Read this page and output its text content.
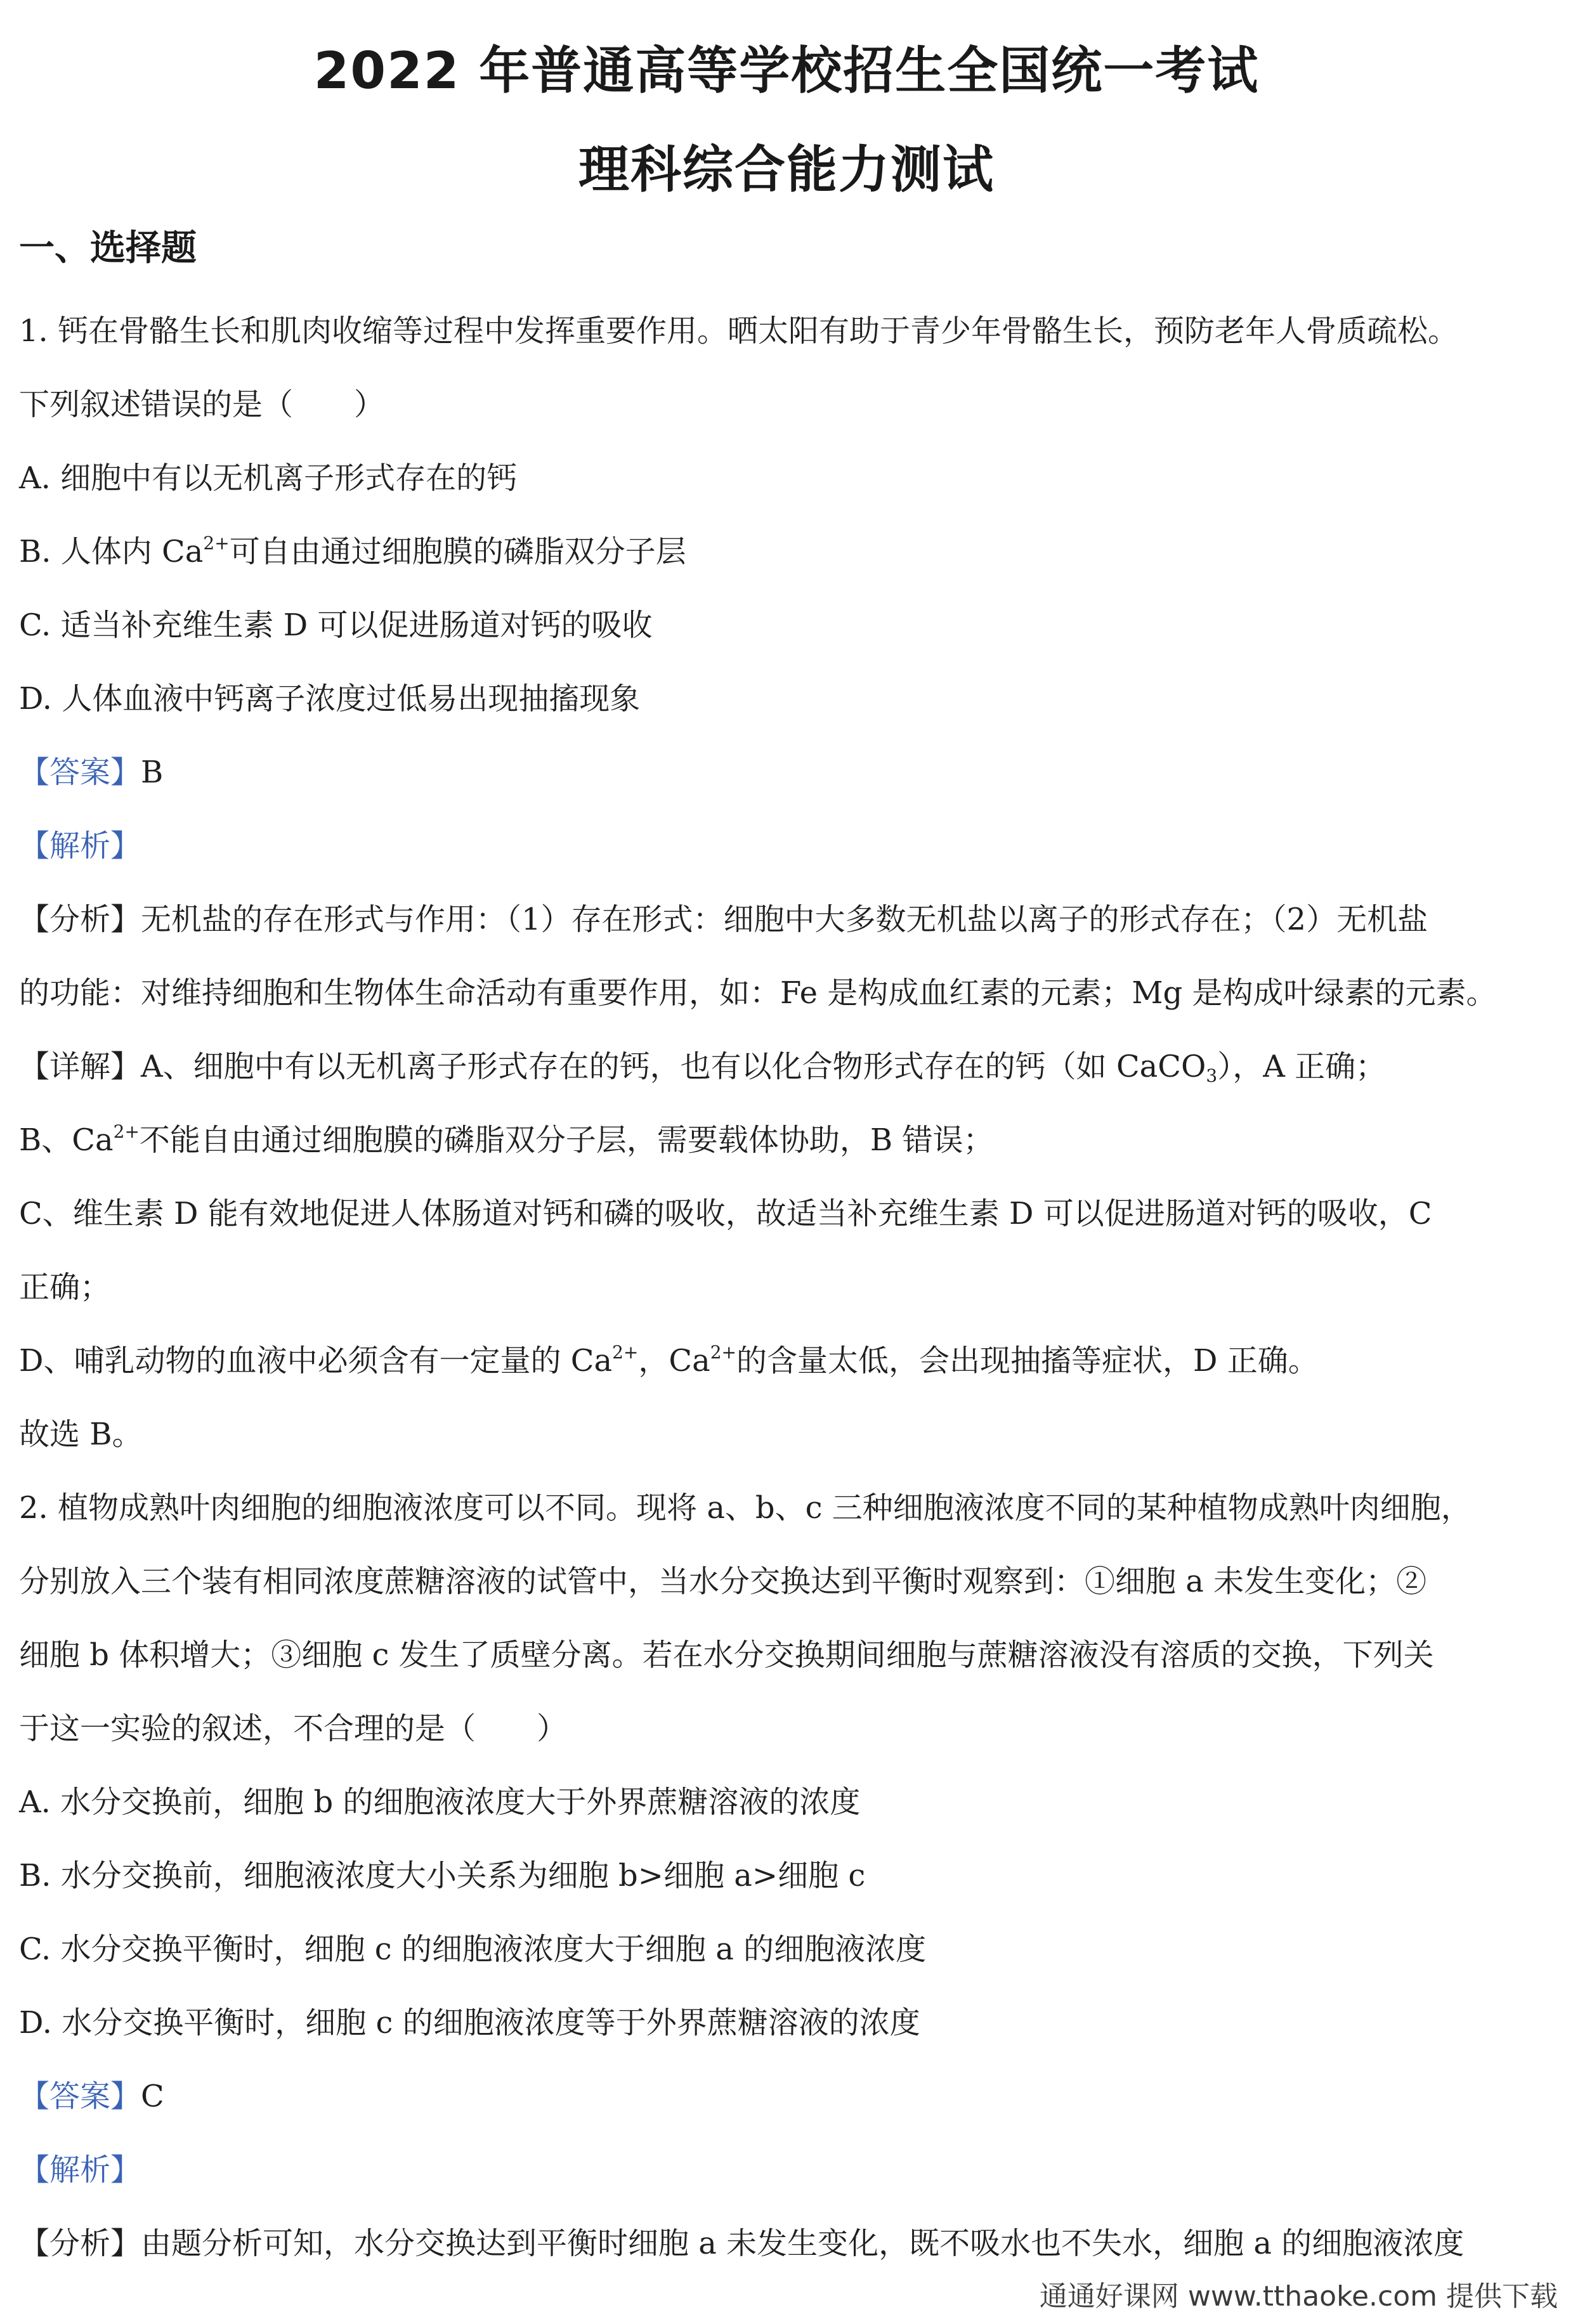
2022 年普通高等学校招生全国统一考试
理科综合能力测试
一、选择题
1. 钙在骨骼生长和肌肉收缩等过程中发挥重要作用。晒太阳有助于青少年骨骼生长，预防老年人骨质疏松。
下列叙述错误的是（　　）
A. 细胞中有以无机离子形式存在的钙
B. 人体内 $Ca^{2+}$可自由通过细胞膜的磷脂双分子层
C. 适当补充维生素 D 可以促进肠道对钙的吸收
D. 人体血液中钙离子浓度过低易出现抽搐现象
【答案】B
【解析】
【分析】无机盐的存在形式与作用：（1）存在形式：细胞中大多数无机盐以离子的形式存在；（2）无机盐
的功能：对维持细胞和生物体生命活动有重要作用，如：Fe 是构成血红素的元素；Mg 是构成叶绿素的元素。
【详解】A、细胞中有以无机离子形式存在的钙，也有以化合物形式存在的钙（如 CaCO$_3$），A 正确；
B、$Ca^{2+}$不能自由通过细胞膜的磷脂双分子层，需要载体协助，B 错误；
C、维生素 D 能有效地促进人体肠道对钙和磷的吸收，故适当补充维生素 D 可以促进肠道对钙的吸收，C
正确；
D、哺乳动物的血液中必须含有一定量的 $Ca^{2+}$，$Ca^{2+}$的含量太低，会出现抽搐等症状，D 正确。
故选 B。
2. 植物成熟叶肉细胞的细胞液浓度可以不同。现将 a、b、c 三种细胞液浓度不同的某种植物成熟叶肉细胞，
分别放入三个装有相同浓度蔗糖溶液的试管中，当水分交换达到平衡时观察到：①细胞 a 未发生变化；②
细胞 b 体积增大；③细胞 c 发生了质壁分离。若在水分交换期间细胞与蔗糖溶液没有溶质的交换，下列关
于这一实验的叙述，不合理的是（　　）
A. 水分交换前，细胞 b 的细胞液浓度大于外界蔗糖溶液的浓度
B. 水分交换前，细胞液浓度大小关系为细胞 b>细胞 a>细胞 c
C. 水分交换平衡时，细胞 c 的细胞液浓度大于细胞 a 的细胞液浓度
D. 水分交换平衡时，细胞 c 的细胞液浓度等于外界蔗糖溶液的浓度
【答案】C
【解析】
【分析】由题分析可知，水分交换达到平衡时细胞 a 未发生变化，既不吸水也不失水，细胞 a 的细胞液浓度
通通好课网 www.tthaoke.com 提供下载
